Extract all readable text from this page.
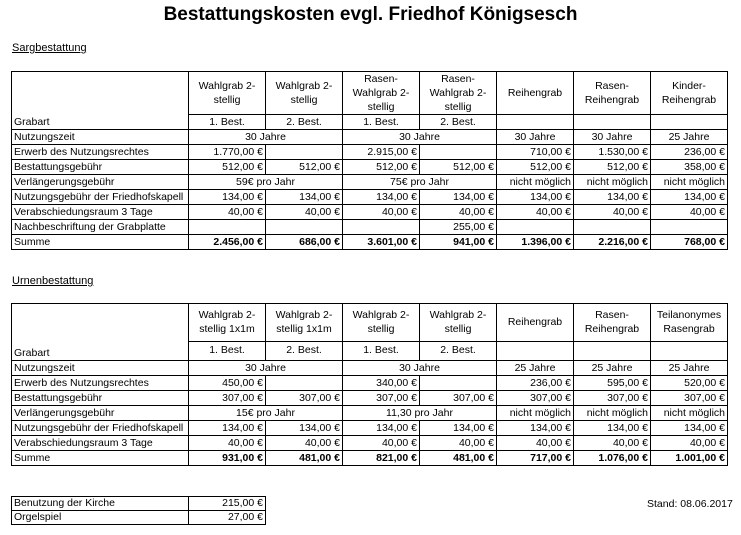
Bestattungskosten evgl. Friedhof Königsesch
Sargbestattung
Grabart	Wahlgrab 2-stellig	Wahlgrab 2-stellig	Rasen-Wahlgrab 2-stellig	Rasen-Wahlgrab 2-stellig	Reihengrab	Rasen-Reihengrab	Kinder-Reihengrab
	1. Best.	2. Best.	1. Best.	2. Best.			
Nutzungszeit	30 Jahre		30 Jahre		30 Jahre	30 Jahre	25 Jahre
Erwerb des Nutzungsrechtes	1.770,00 €		2.915,00 €		710,00 €	1.530,00 €	236,00 €
Bestattungsgebühr	512,00 €	512,00 €	512,00 €	512,00 €	512,00 €	512,00 €	358,00 €
Verlängerungsgebühr	59€ pro Jahr		75€ pro Jahr		nicht möglich	nicht möglich	nicht möglich
Nutzungsgebühr der Friedhofskapell	134,00 €	134,00 €	134,00 €	134,00 €	134,00 €	134,00 €	134,00 €
Verabschiedungsraum 3 Tage	40,00 €	40,00 €	40,00 €	40,00 €	40,00 €	40,00 €	40,00 €
Nachbeschriftung der Grabplatte				255,00 €			
Summe	2.456,00 €	686,00 €	3.601,00 €	941,00 €	1.396,00 €	2.216,00 €	768,00 €
Urnenbestattung
Grabart	Wahlgrab 2-stellig 1x1m	Wahlgrab 2-stellig 1x1m	Wahlgrab 2-stellig	Wahlgrab 2-stellig	Reihengrab	Rasen-Reihengrab	Teilanonymes Rasengrab
	1. Best.	2. Best.	1. Best.	2. Best.			
Nutzungszeit	30 Jahre		30 Jahre		25 Jahre	25 Jahre	25 Jahre
Erwerb des Nutzungsrechtes	450,00 €		340,00 €		236,00 €	595,00 €	520,00 €
Bestattungsgebühr	307,00 €	307,00 €	307,00 €	307,00 €	307,00 €	307,00 €	307,00 €
Verlängerungsgebühr	15€ pro Jahr		11,30 pro Jahr		nicht möglich	nicht möglich	nicht möglich
Nutzungsgebühr der Friedhofskapell	134,00 €	134,00 €	134,00 €	134,00 €	134,00 €	134,00 €	134,00 €
Verabschiedungsraum 3 Tage	40,00 €	40,00 €	40,00 €	40,00 €	40,00 €	40,00 €	40,00 €
Summe	931,00 €	481,00 €	821,00 €	481,00 €	717,00 €	1.076,00 €	1.001,00 €
Benutzung der Kirche	215,00 €
Orgelspiel	27,00 €
Stand: 08.06.2017
